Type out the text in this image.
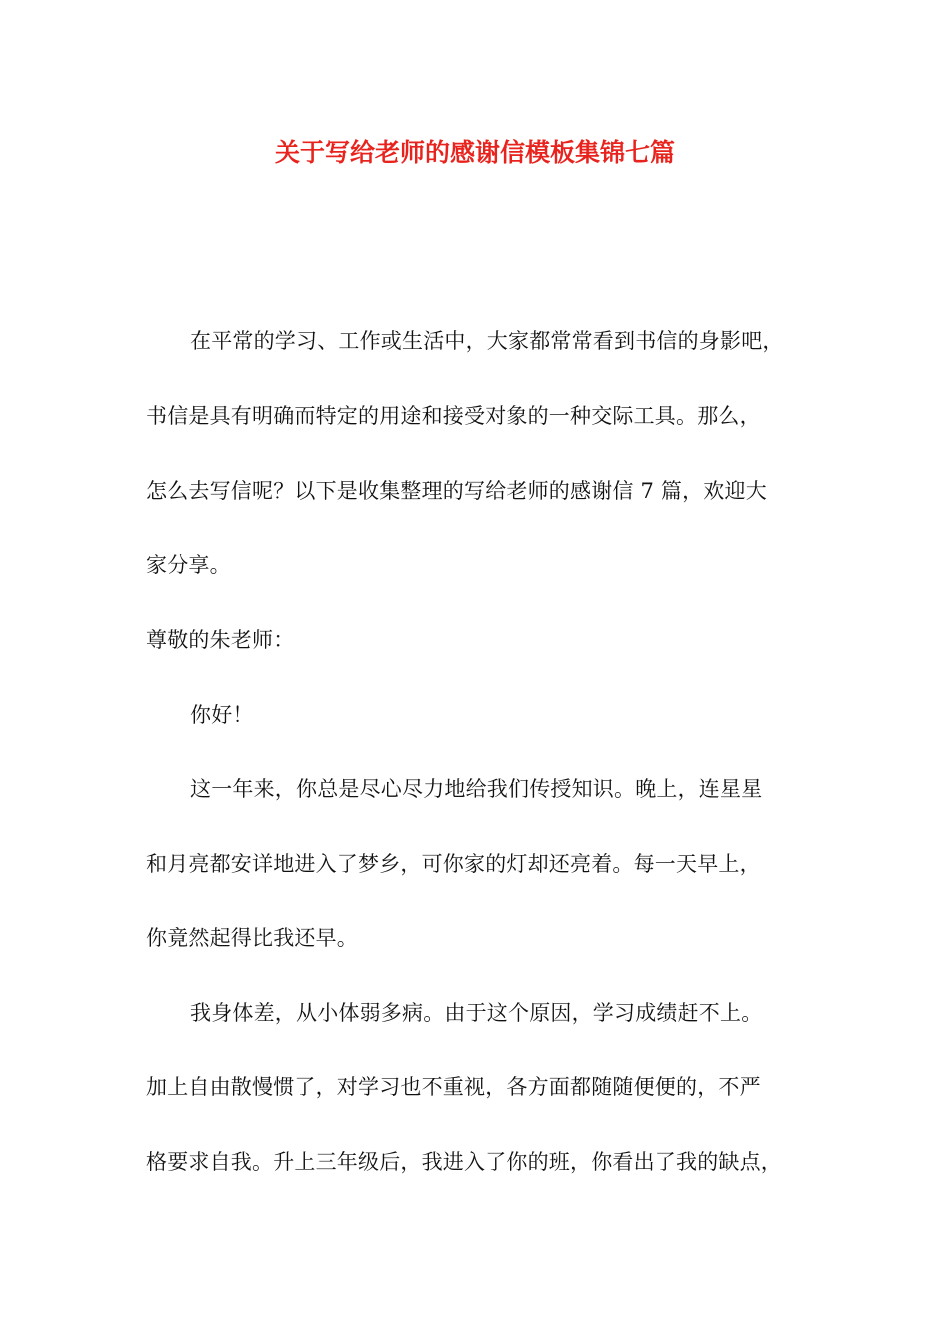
关于写给老师的感谢信模板集锦七篇
在平常的学习、工作或生活中，大家都常常看到书信的身影吧，
书信是具有明确而特定的用途和接受对象的一种交际工具。那么，
怎么去写信呢？以下是收集整理的写给老师的感谢信 7 篇，欢迎大
家分享。
尊敬的朱老师：
你好！
这一年来，你总是尽心尽力地给我们传授知识。晚上，连星星
和月亮都安详地进入了梦乡，可你家的灯却还亮着。每一天早上，
你竟然起得比我还早。
我身体差，从小体弱多病。由于这个原因，学习成绩赶不上。
加上自由散慢惯了，对学习也不重视，各方面都随随便便的，不严
格要求自我。升上三年级后，我进入了你的班，你看出了我的缺点，
